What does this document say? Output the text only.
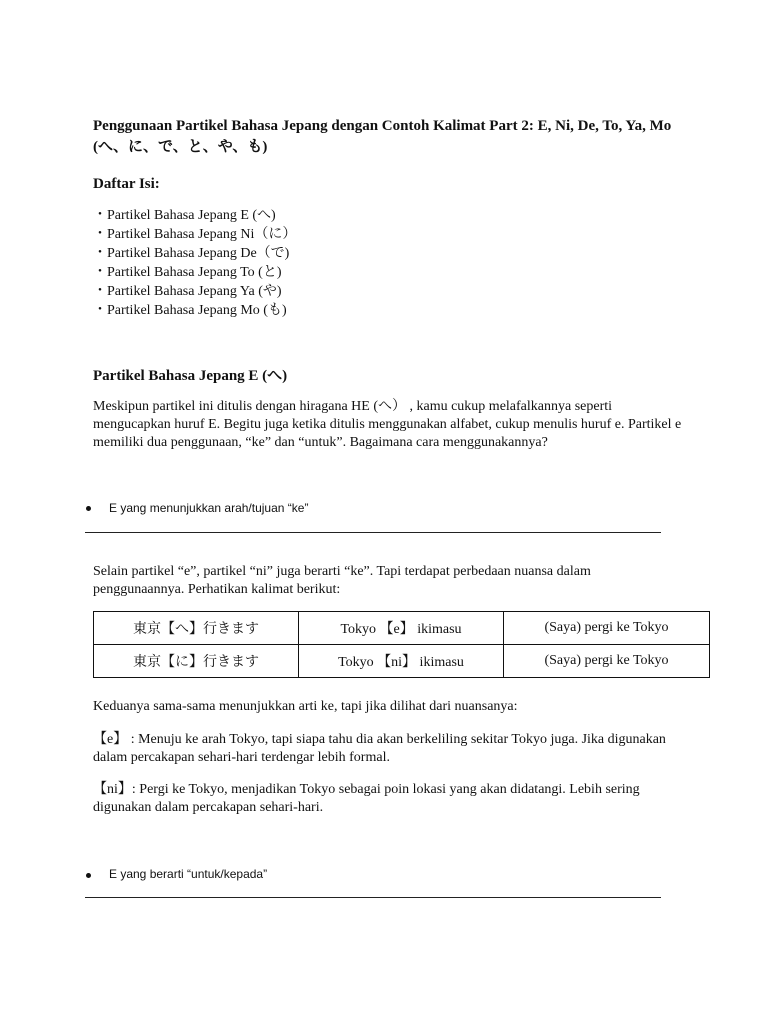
Penggunaan Partikel Bahasa Jepang dengan Contoh Kalimat Part 2: E, Ni, De, To, Ya, Mo (へ、に、で、と、や、も)
Daftar Isi:
・Partikel Bahasa Jepang E (へ)
・Partikel Bahasa Jepang Ni（に）
・Partikel Bahasa Jepang De（で)
・Partikel Bahasa Jepang To (と)
・Partikel Bahasa Jepang Ya (や)
・Partikel Bahasa Jepang Mo (も)
Partikel Bahasa Jepang E (へ)
Meskipun partikel ini ditulis dengan hiragana HE (へ） , kamu cukup melafalkannya seperti mengucapkan huruf E. Begitu juga ketika ditulis menggunakan alfabet, cukup menulis huruf e. Partikel e memiliki dua penggunaan, “ke” dan “untuk”. Bagaimana cara menggunakannya?
E yang menunjukkan arah/tujuan “ke”
Selain partikel “e”, partikel “ni” juga berarti “ke”. Tapi terdapat perbedaan nuansa dalam penggunaannya. Perhatikan kalimat berikut:
東京【へ】行きます	Tokyo 【e】 ikimasu	(Saya) pergi ke Tokyo
東京【に】行きます	Tokyo 【ni】 ikimasu	(Saya) pergi ke Tokyo
Keduanya sama-sama menunjukkan arti ke, tapi jika dilihat dari nuansanya:
【e】 : Menuju ke arah Tokyo, tapi siapa tahu dia akan berkeliling sekitar Tokyo juga. Jika digunakan dalam percakapan sehari-hari terdengar lebih formal.
【ni】: Pergi ke Tokyo, menjadikan Tokyo sebagai poin lokasi yang akan didatangi. Lebih sering digunakan dalam percakapan sehari-hari.
E yang berarti “untuk/kepada”
